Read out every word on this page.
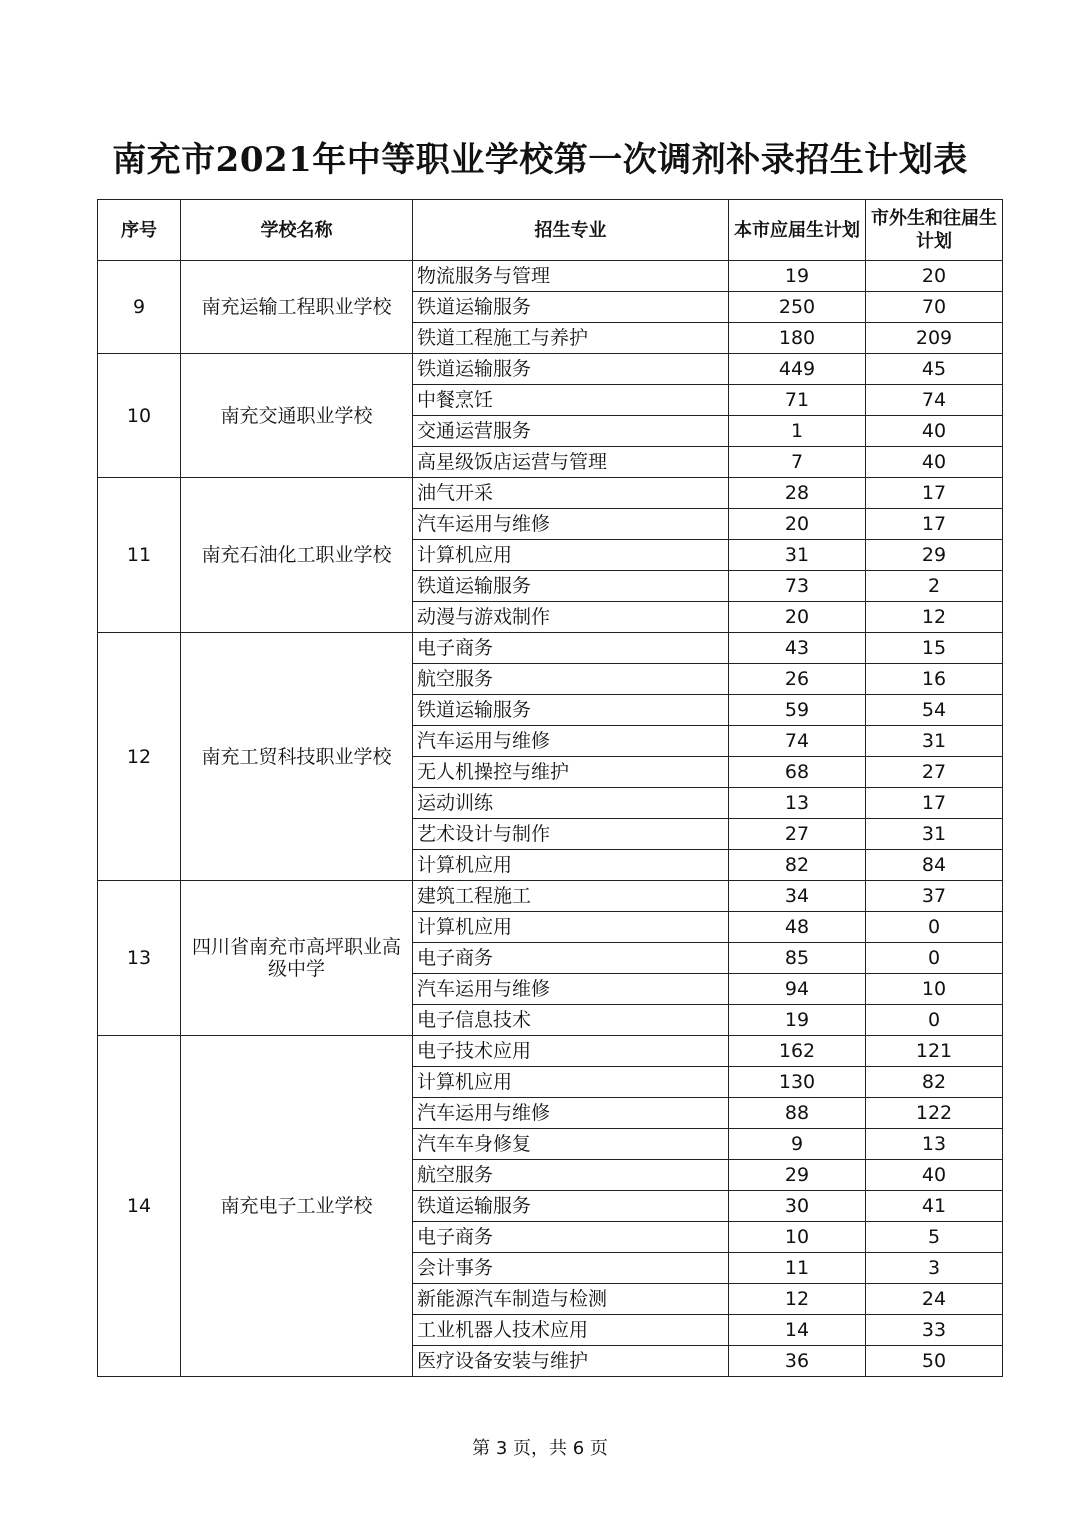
南充市2021年中等职业学校第一次调剂补录招生计划表
序号	学校名称	招生专业	本市应届生计划	市外生和往届生计划
9	南充运输工程职业学校	物流服务与管理	19	20
		铁道运输服务	250	70
		铁道工程施工与养护	180	209
10	南充交通职业学校	铁道运输服务	449	45
		中餐烹饪	71	74
		交通运营服务	1	40
		高星级饭店运营与管理	7	40
11	南充石油化工职业学校	油气开采	28	17
		汽车运用与维修	20	17
		计算机应用	31	29
		铁道运输服务	73	2
		动漫与游戏制作	20	12
12	南充工贸科技职业学校	电子商务	43	15
		航空服务	26	16
		铁道运输服务	59	54
		汽车运用与维修	74	31
		无人机操控与维护	68	27
		运动训练	13	17
		艺术设计与制作	27	31
		计算机应用	82	84
13	四川省南充市高坪职业高级中学	建筑工程施工	34	37
		计算机应用	48	0
		电子商务	85	0
		汽车运用与维修	94	10
		电子信息技术	19	0
14	南充电子工业学校	电子技术应用	162	121
		计算机应用	130	82
		汽车运用与维修	88	122
		汽车车身修复	9	13
		航空服务	29	40
		铁道运输服务	30	41
		电子商务	10	5
		会计事务	11	3
		新能源汽车制造与检测	12	24
		工业机器人技术应用	14	33
		医疗设备安装与维护	36	50
第 3 页，共 6 页
